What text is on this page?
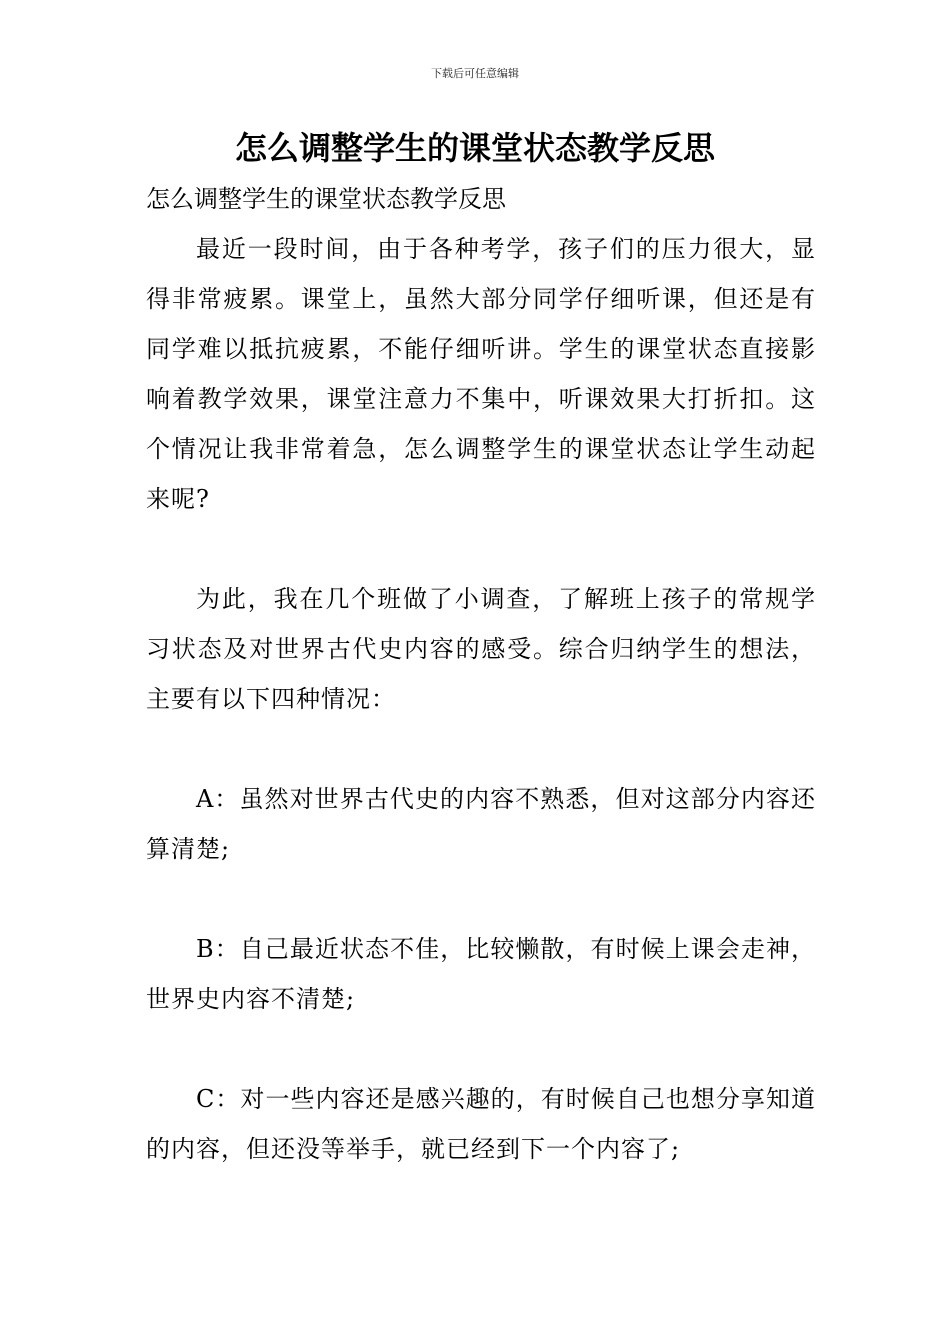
下载后可任意编辑
怎么调整学生的课堂状态教学反思

怎么调整学生的课堂状态教学反思

最近一段时间，由于各种考学，孩子们的压力很大，显得非常疲累。课堂上，虽然大部分同学仔细听课，但还是有同学难以抵抗疲累，不能仔细听讲。学生的课堂状态直接影响着教学效果，课堂注意力不集中，听课效果大打折扣。这个情况让我非常着急，怎么调整学生的课堂状态让学生动起来呢?

为此，我在几个班做了小调查，了解班上孩子的常规学习状态及对世界古代史内容的感受。综合归纳学生的想法，主要有以下四种情况：

A：虽然对世界古代史的内容不熟悉，但对这部分内容还算清楚;

B：自己最近状态不佳，比较懒散，有时候上课会走神，世界史内容不清楚;

C：对一些内容还是感兴趣的，有时候自己也想分享知道的内容，但还没等举手，就已经到下一个内容了;
